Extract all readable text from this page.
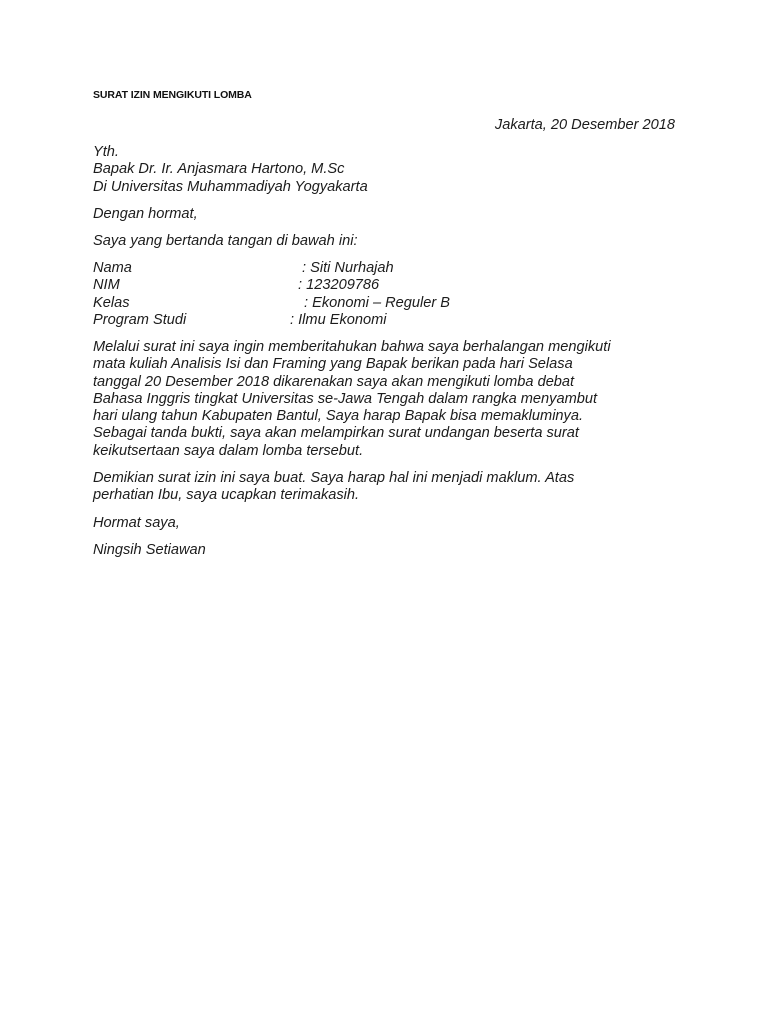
SURAT IZIN MENGIKUTI LOMBA
Jakarta, 20 Desember 2018
Yth.
Bapak Dr. Ir. Anjasmara Hartono, M.Sc
Di Universitas Muhammadiyah Yogyakarta
Dengan hormat,
Saya yang bertanda tangan di bawah ini:
Nama	: Siti Nurhajah
NIM	: 123209786
Kelas	: Ekonomi – Reguler B
Program Studi	: Ilmu Ekonomi
Melalui surat ini saya ingin memberitahukan bahwa saya berhalangan mengikuti
mata kuliah Analisis Isi dan Framing yang Bapak berikan pada hari Selasa
tanggal 20 Desember 2018 dikarenakan saya akan mengikuti lomba debat
Bahasa Inggris tingkat Universitas se-Jawa Tengah dalam rangka menyambut
hari ulang tahun Kabupaten Bantul, Saya harap Bapak bisa memakluminya.
Sebagai tanda bukti, saya akan melampirkan surat undangan beserta surat
keikutsertaan saya dalam lomba tersebut.
Demikian surat izin ini saya buat. Saya harap hal ini menjadi maklum. Atas
perhatian Ibu, saya ucapkan terimakasih.
Hormat saya,
Ningsih Setiawan
